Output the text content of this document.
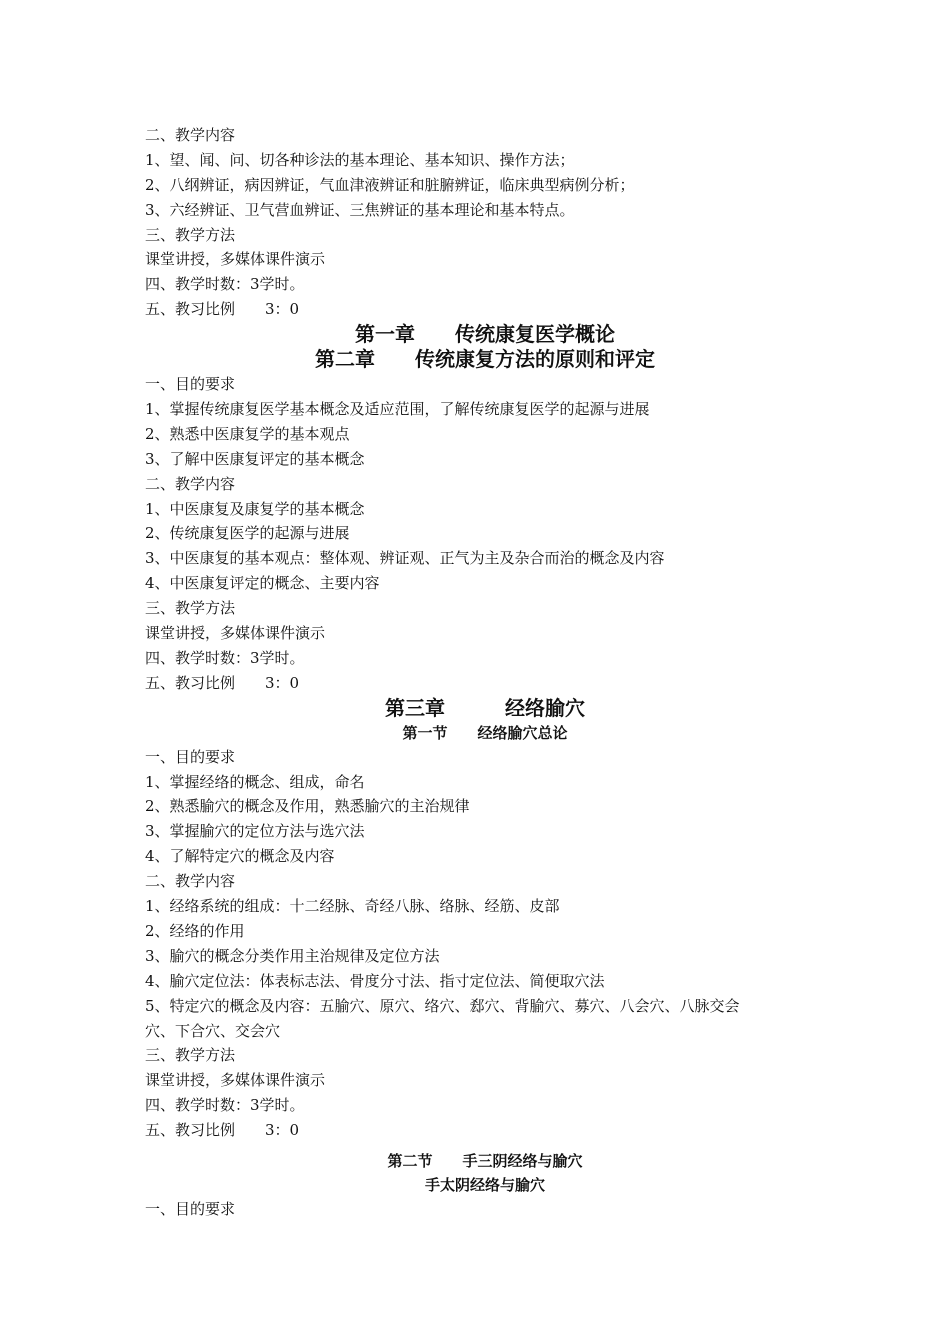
二、教学内容

1、望、闻、问、切各种诊法的基本理论、基本知识、操作方法；

2、八纲辨证，病因辨证，气血津液辨证和脏腑辨证，临床典型病例分析；

3、六经辨证、卫气营血辨证、三焦辨证的基本理论和基本特点。

三、教学方法

课堂讲授，多媒体课件演示

四、教学时数：3学时。

五、教习比例　　3：0

第一章　　传统康复医学概论
第二章　　传统康复方法的原则和评定

一、目的要求

1、掌握传统康复医学基本概念及适应范围，了解传统康复医学的起源与进展

2、熟悉中医康复学的基本观点

3、了解中医康复评定的基本概念

二、教学内容

1、中医康复及康复学的基本概念

2、传统康复医学的起源与进展

3、中医康复的基本观点：整体观、辨证观、正气为主及杂合而治的概念及内容

4、中医康复评定的概念、主要内容

三、教学方法

课堂讲授，多媒体课件演示

四、教学时数：3学时。

五、教习比例　　3：0

第三章　　　经络腧穴
第一节　　经络腧穴总论

一、目的要求

1、掌握经络的概念、组成，命名

2、熟悉腧穴的概念及作用，熟悉腧穴的主治规律

3、掌握腧穴的定位方法与选穴法

4、了解特定穴的概念及内容

二、教学内容

1、经络系统的组成：十二经脉、奇经八脉、络脉、经筋、皮部

2、经络的作用

3、腧穴的概念分类作用主治规律及定位方法

4、腧穴定位法：体表标志法、骨度分寸法、指寸定位法、简便取穴法

5、特定穴的概念及内容：五腧穴、原穴、络穴、郄穴、背腧穴、募穴、八会穴、八脉交会

穴、下合穴、交会穴

三、教学方法

课堂讲授，多媒体课件演示

四、教学时数：3学时。

五、教习比例　　3：0

第二节　　手三阴经络与腧穴
手太阴经络与腧穴

一、目的要求
